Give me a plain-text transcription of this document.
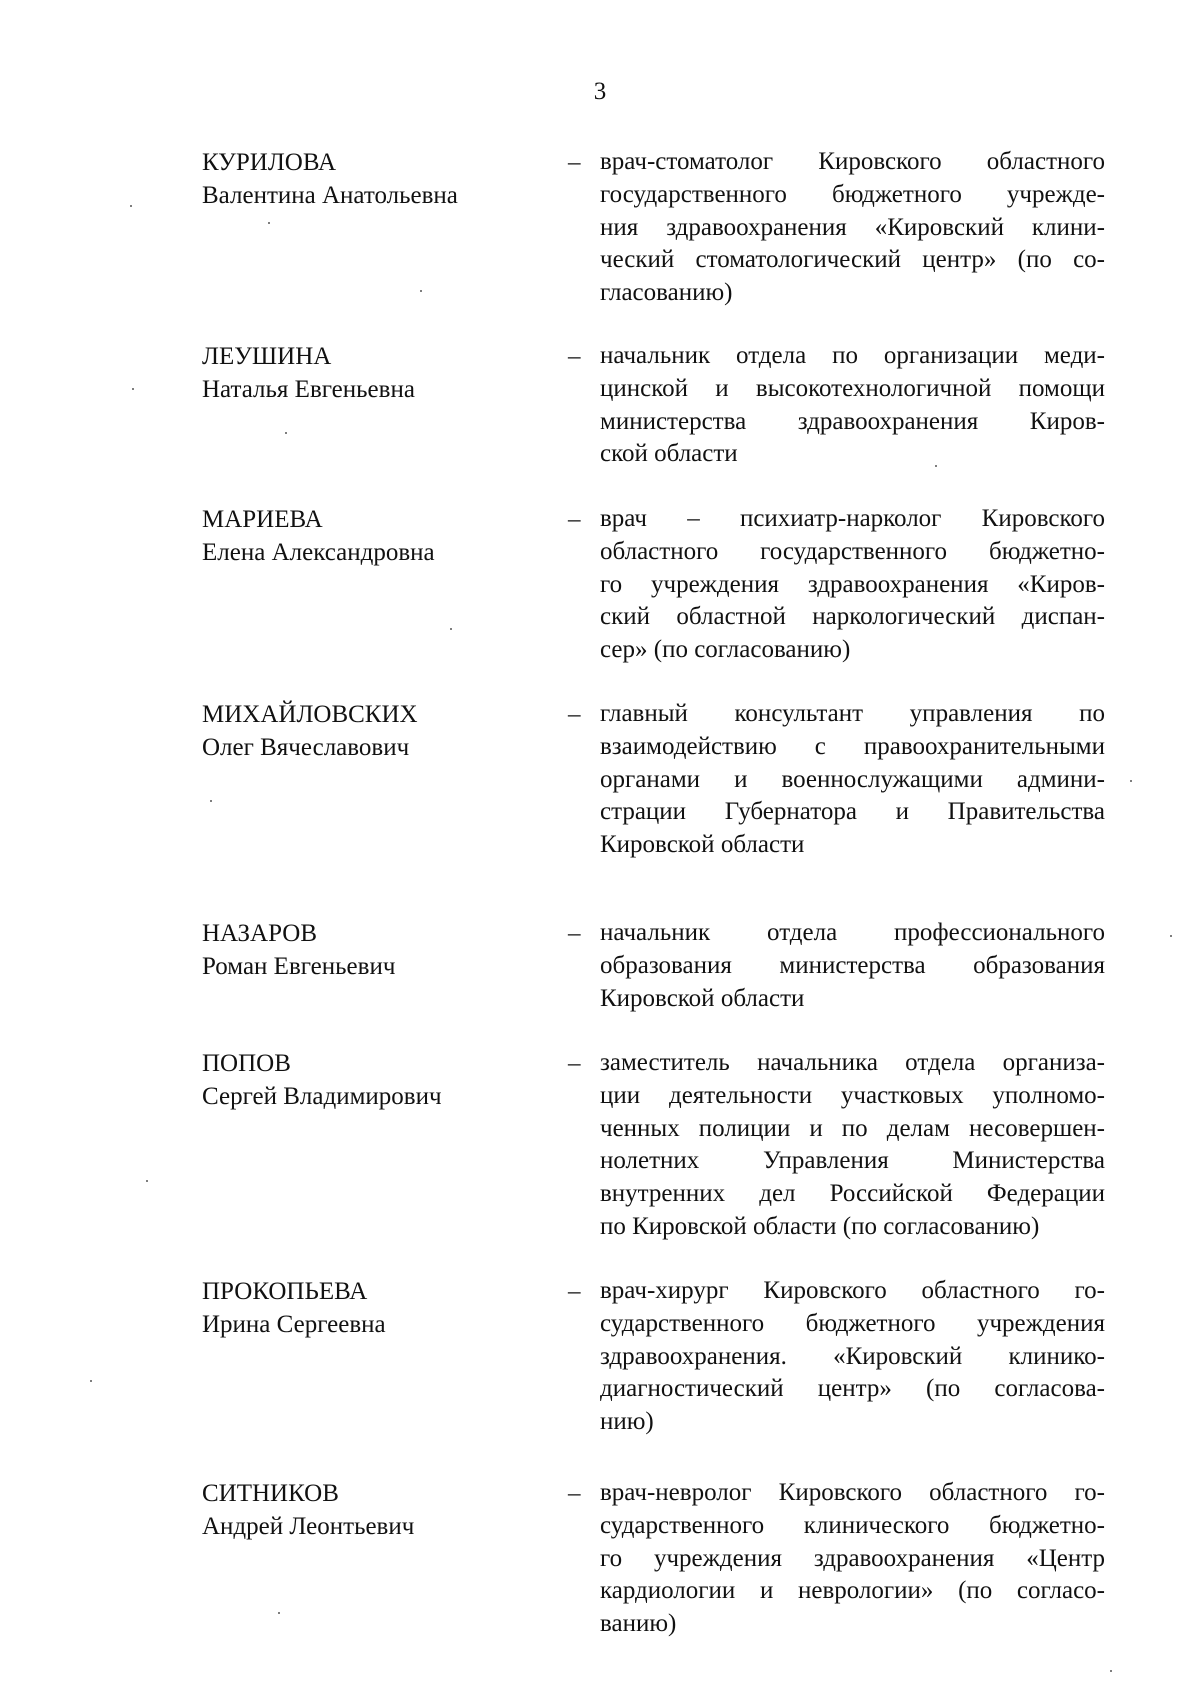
3
КУРИЛОВА
Валентина Анатольевна
– врач-стоматолог Кировского областного
государственного бюджетного учрежде-
ния здравоохранения «Кировский клини-
ческий стоматологический центр» (по со-
гласованию)
ЛЕУШИНА
Наталья Евгеньевна
– начальник отдела по организации меди-
цинской и высокотехнологичной помощи
министерства здравоохранения Киров-
ской области
МАРИЕВА
Елена Александровна
– врач – психиатр-нарколог Кировского
областного государственного бюджетно-
го учреждения здравоохранения «Киров-
ский областной наркологический диспан-
сер» (по согласованию)
МИХАЙЛОВСКИХ
Олег Вячеславович
– главный консультант управления по
взаимодействию с правоохранительными
органами и военнослужащими админи-
страции Губернатора и Правительства
Кировской области
НАЗАРОВ
Роман Евгеньевич
– начальник отдела профессионального
образования министерства образования
Кировской области
ПОПОВ
Сергей Владимирович
– заместитель начальника отдела организа-
ции деятельности участковых уполномо-
ченных полиции и по делам несовершен-
нолетних Управления Министерства
внутренних дел Российской Федерации
по Кировской области (по согласованию)
ПРОКОПЬЕВА
Ирина Сергеевна
– врач-хирург Кировского областного го-
сударственного бюджетного учреждения
здравоохранения. «Кировский клинико-
диагностический центр» (по согласова-
нию)
СИТНИКОВ
Андрей Леонтьевич
– врач-невролог Кировского областного го-
сударственного клинического бюджетно-
го учреждения здравоохранения «Центр
кардиологии и неврологии» (по согласо-
ванию)
